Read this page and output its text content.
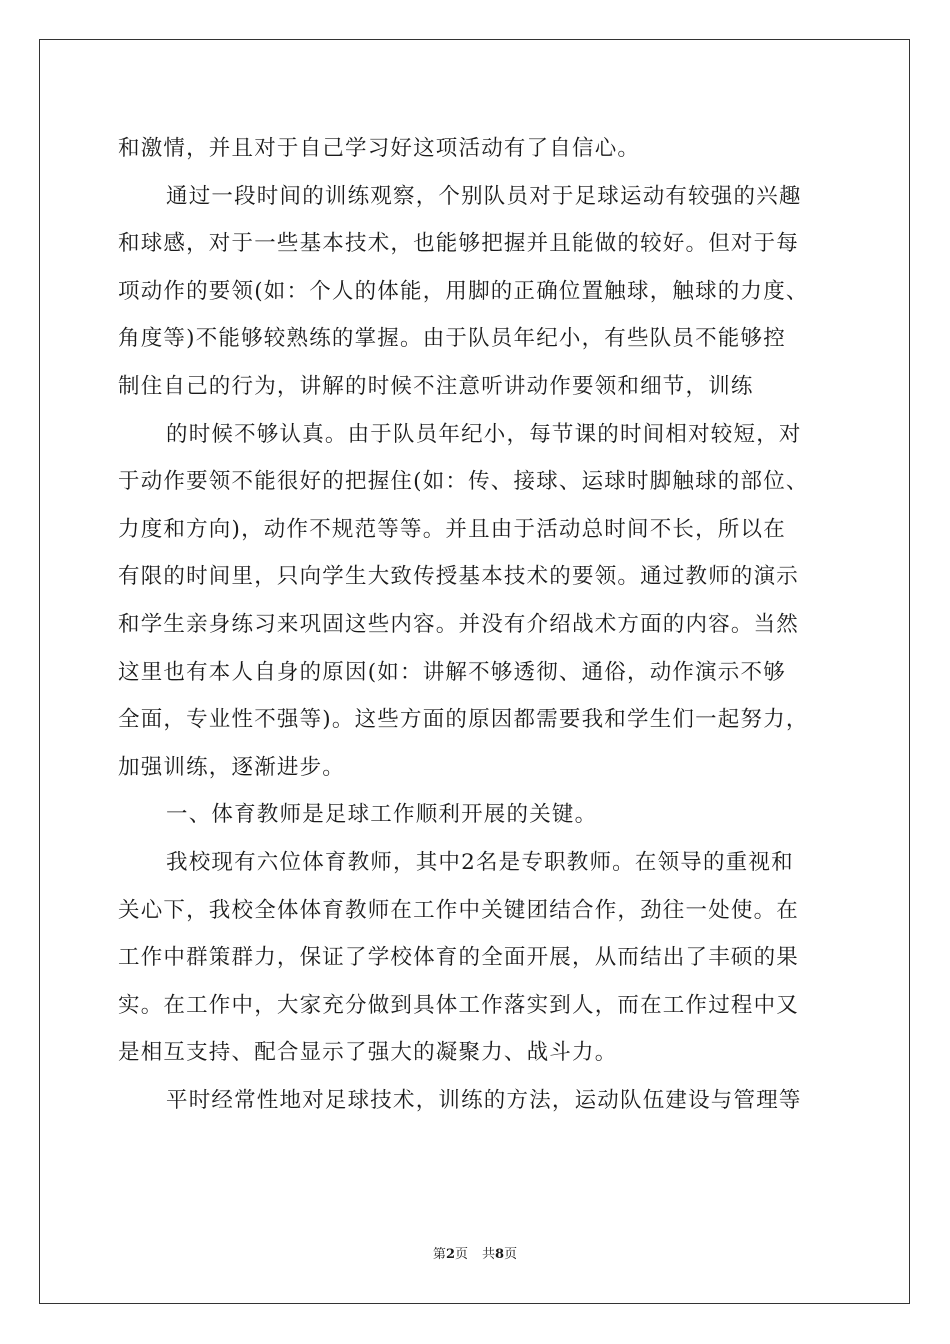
和激情，并且对于自己学习好这项活动有了自信心。
通过一段时间的训练观察，个别队员对于足球运动有较强的兴趣
和球感，对于一些基本技术，也能够把握并且能做的较好。但对于每
项动作的要领(如：个人的体能，用脚的正确位置触球，触球的力度、
角度等)不能够较熟练的掌握。由于队员年纪小，有些队员不能够控
制住自己的行为，讲解的时候不注意听讲动作要领和细节，训练
的时候不够认真。由于队员年纪小，每节课的时间相对较短，对
于动作要领不能很好的把握住(如：传、接球、运球时脚触球的部位、
力度和方向)，动作不规范等等。并且由于活动总时间不长，所以在
有限的时间里，只向学生大致传授基本技术的要领。通过教师的演示
和学生亲身练习来巩固这些内容。并没有介绍战术方面的内容。当然
这里也有本人自身的原因(如：讲解不够透彻、通俗，动作演示不够
全面，专业性不强等)。这些方面的原因都需要我和学生们一起努力，
加强训练，逐渐进步。
一、体育教师是足球工作顺利开展的关键。
我校现有六位体育教师，其中2名是专职教师。在领导的重视和
关心下，我校全体体育教师在工作中关键团结合作，劲往一处使。在
工作中群策群力，保证了学校体育的全面开展，从而结出了丰硕的果
实。在工作中，大家充分做到具体工作落实到人，而在工作过程中又
是相互支持、配合显示了强大的凝聚力、战斗力。
平时经常性地对足球技术，训练的方法，运动队伍建设与管理等
第2页 共8页
